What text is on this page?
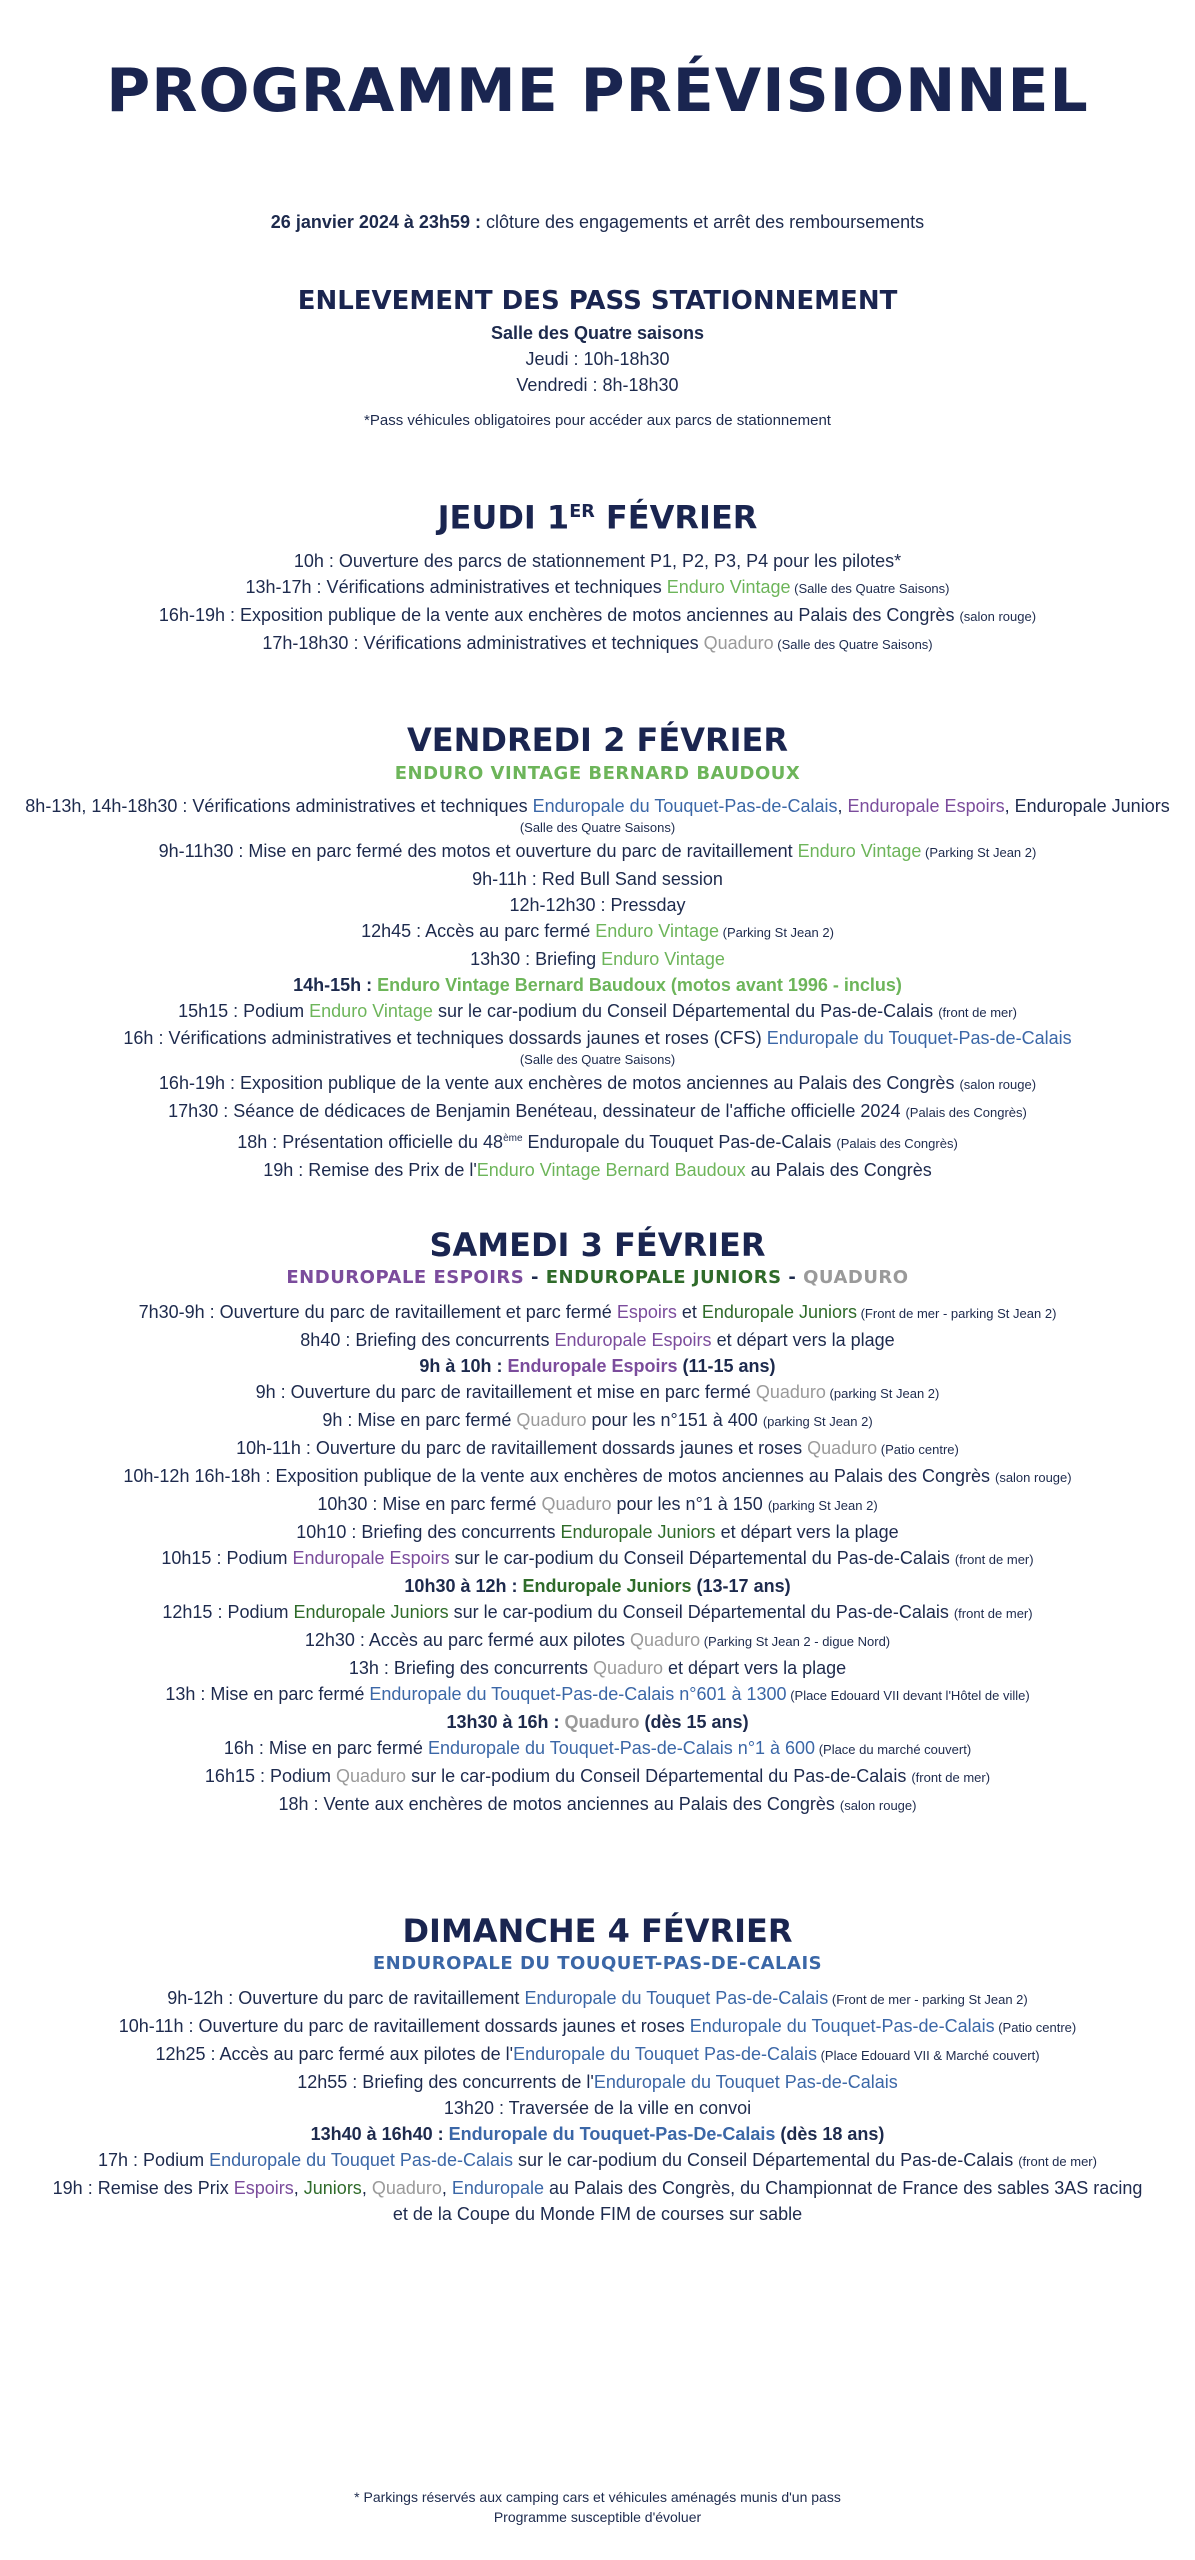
PROGRAMME PRÉVISIONNEL
26 janvier 2024 à 23h59 : clôture des engagements et arrêt des remboursements
ENLEVEMENT DES PASS STATIONNEMENT
Salle des Quatre saisons
Jeudi : 10h-18h30
Vendredi : 8h-18h30
*Pass véhicules obligatoires pour accéder aux parcs de stationnement
JEUDI 1ER FÉVRIER
10h : Ouverture des parcs de stationnement P1, P2, P3, P4 pour les pilotes*
13h-17h : Vérifications administratives et techniques Enduro Vintage (Salle des Quatre Saisons)
16h-19h : Exposition publique de la vente aux enchères de motos anciennes au Palais des Congrès (salon rouge)
17h-18h30 : Vérifications administratives et techniques Quaduro (Salle des Quatre Saisons)
VENDREDI 2 FÉVRIER
ENDURO VINTAGE BERNARD BAUDOUX
8h-13h, 14h-18h30 : Vérifications administratives et techniques Enduropale du Touquet-Pas-de-Calais, Enduropale Espoirs, Enduropale Juniors
(Salle des Quatre Saisons)
9h-11h30 : Mise en parc fermé des motos et ouverture du parc de ravitaillement Enduro Vintage (Parking St Jean 2)
9h-11h : Red Bull Sand session
12h-12h30 : Pressday
12h45 : Accès au parc fermé Enduro Vintage (Parking St Jean 2)
13h30 : Briefing Enduro Vintage
14h-15h : Enduro Vintage Bernard Baudoux (motos avant 1996 - inclus)
15h15 : Podium Enduro Vintage sur le car-podium du Conseil Départemental du Pas-de-Calais (front de mer)
16h : Vérifications administratives et techniques dossards jaunes et roses (CFS) Enduropale du Touquet-Pas-de-Calais
(Salle des Quatre Saisons)
16h-19h : Exposition publique de la vente aux enchères de motos anciennes au Palais des Congrès (salon rouge)
17h30 : Séance de dédicaces de Benjamin Benéteau, dessinateur de l'affiche officielle 2024 (Palais des Congrès)
18h : Présentation officielle du 48ème Enduropale du Touquet Pas-de-Calais (Palais des Congrès)
19h : Remise des Prix de l'Enduro Vintage Bernard Baudoux au Palais des Congrès
SAMEDI 3 FÉVRIER
ENDUROPALE ESPOIRS - ENDUROPALE JUNIORS - QUADURO
7h30-9h : Ouverture du parc de ravitaillement et parc fermé Espoirs et Enduropale Juniors (Front de mer - parking St Jean 2)
8h40 : Briefing des concurrents Enduropale Espoirs et départ vers la plage
9h à 10h : Enduropale Espoirs (11-15 ans)
9h : Ouverture du parc de ravitaillement et mise en parc fermé Quaduro (parking St Jean 2)
9h : Mise en parc fermé Quaduro pour les n°151 à 400 (parking St Jean 2)
10h-11h : Ouverture du parc de ravitaillement dossards jaunes et roses Quaduro (Patio centre)
10h-12h 16h-18h : Exposition publique de la vente aux enchères de motos anciennes au Palais des Congrès (salon rouge)
10h30 : Mise en parc fermé Quaduro pour les n°1 à 150 (parking St Jean 2)
10h10 : Briefing des concurrents Enduropale Juniors et départ vers la plage
10h15 : Podium Enduropale Espoirs sur le car-podium du Conseil Départemental du Pas-de-Calais (front de mer)
10h30 à 12h : Enduropale Juniors (13-17 ans)
12h15 : Podium Enduropale Juniors sur le car-podium du Conseil Départemental du Pas-de-Calais (front de mer)
12h30 : Accès au parc fermé aux pilotes Quaduro (Parking St Jean 2 - digue Nord)
13h : Briefing des concurrents Quaduro et départ vers la plage
13h : Mise en parc fermé Enduropale du Touquet-Pas-de-Calais n°601 à 1300 (Place Edouard VII devant l'Hôtel de ville)
13h30 à 16h : Quaduro (dès 15 ans)
16h : Mise en parc fermé Enduropale du Touquet-Pas-de-Calais n°1 à 600 (Place du marché couvert)
16h15 : Podium Quaduro sur le car-podium du Conseil Départemental du Pas-de-Calais (front de mer)
18h : Vente aux enchères de motos anciennes au Palais des Congrès (salon rouge)
DIMANCHE 4 FÉVRIER
ENDUROPALE DU TOUQUET-PAS-DE-CALAIS
9h-12h : Ouverture du parc de ravitaillement Enduropale du Touquet Pas-de-Calais (Front de mer - parking St Jean 2)
10h-11h : Ouverture du parc de ravitaillement dossards jaunes et roses Enduropale du Touquet-Pas-de-Calais (Patio centre)
12h25 : Accès au parc fermé aux pilotes de l'Enduropale du Touquet Pas-de-Calais (Place Edouard VII & Marché couvert)
12h55 : Briefing des concurrents de l'Enduropale du Touquet Pas-de-Calais
13h20 : Traversée de la ville en convoi
13h40 à 16h40 : Enduropale du Touquet-Pas-De-Calais (dès 18 ans)
17h : Podium Enduropale du Touquet Pas-de-Calais sur le car-podium du Conseil Départemental du Pas-de-Calais (front de mer)
19h : Remise des Prix Espoirs, Juniors, Quaduro, Enduropale au Palais des Congrès, du Championnat de France des sables 3AS racing
et de la Coupe du Monde FIM de courses sur sable
* Parkings réservés aux camping cars et véhicules aménagés munis d'un pass
Programme susceptible d'évoluer
